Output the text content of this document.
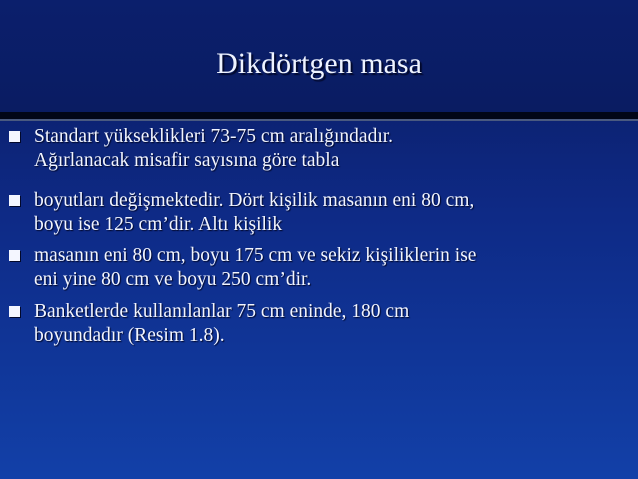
Dikdörtgen masa
Standart yükseklikleri 73-75 cm aralığındadır.
Ağırlanacak misafir sayısına göre tabla
boyutları değişmektedir. Dört kişilik masanın eni 80 cm,
boyu ise 125 cm’dir. Altı kişilik
masanın eni 80 cm, boyu 175 cm ve sekiz kişiliklerin ise
eni yine 80 cm ve boyu 250 cm’dir.
Banketlerde kullanılanlar 75 cm eninde, 180 cm
boyundadır (Resim 1.8).
